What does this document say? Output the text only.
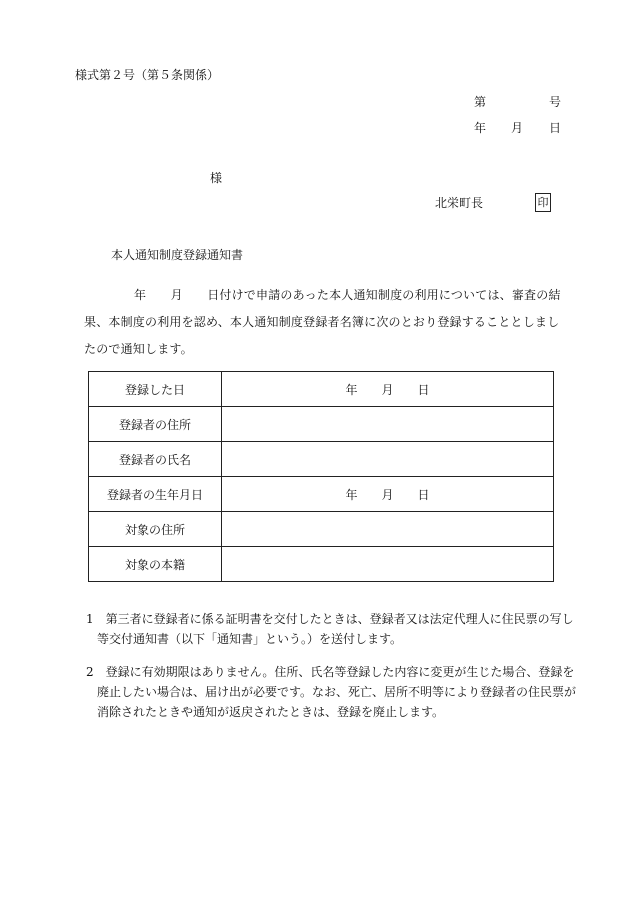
様式第２号（第５条関係）
第	号
年 月 日
様
北栄町長	印
本人通知制度登録通知書
年　　月　　日付けで申請のあった本人通知制度の利用については、審査の結
果、本制度の利用を認め、本人通知制度登録者名簿に次のとおり登録することとしまし
たので通知します。
登録した日	年　　月　　日
登録者の住所	
登録者の氏名	
登録者の生年月日	年　　月　　日
対象の住所	
対象の本籍	
1　 第三者に登録者に係る証明書を交付したときは、登録者又は法定代理人に住民票の写し
等交付通知書（以下「通知書」という。）を送付します。
2　 登録に有効期限はありません。住所、氏名等登録した内容に変更が生じた場合、登録を
廃止したい場合は、届け出が必要です。なお、死亡、居所不明等により登録者の住民票が
消除されたときや通知が返戻されたときは、登録を廃止します。
